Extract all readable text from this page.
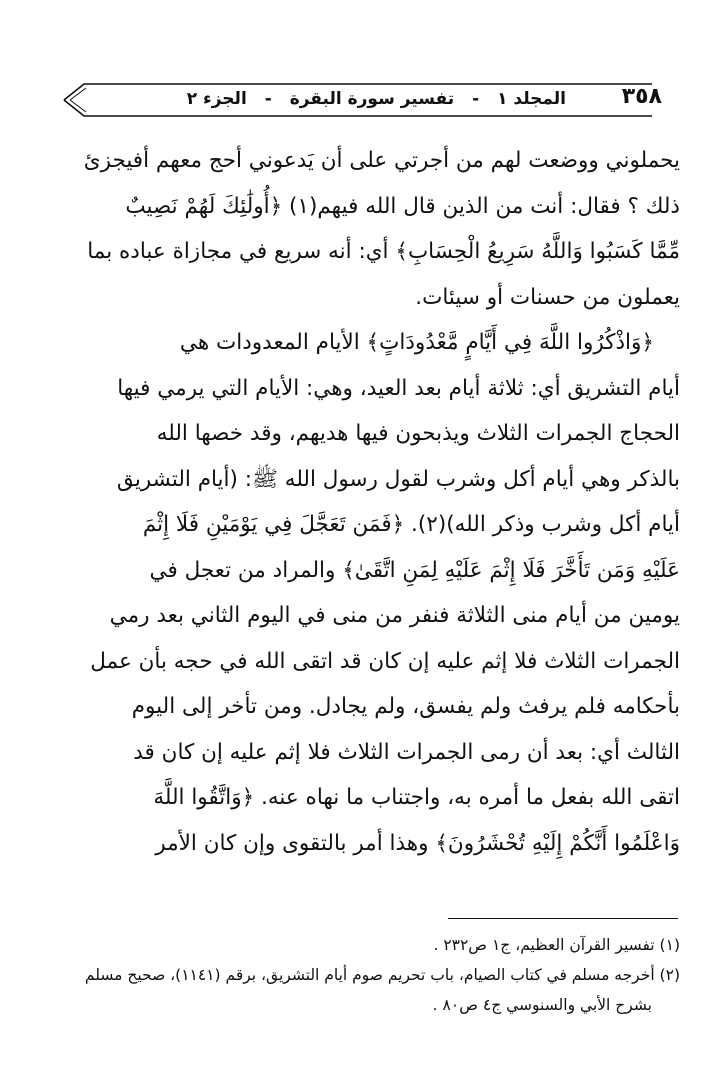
المجلد ١ - تفسير سورة البقرة - الجزء ٢	٣٥٨
يحملوني ووضعت لهم من أجرتي على أن يَدعوني أحج معهم أفيجزئ
ذلك ؟ فقال: أنت من الذين قال الله فيهم(١) ﴿أُولَٰئِكَ لَهُمْ نَصِيبٌ
مِّمَّا كَسَبُوا وَاللَّهُ سَرِيعُ الْحِسَابِ﴾ أي: أنه سريع في مجازاة عباده بما
يعملون من حسنات أو سيئات.
﴿وَاذْكُرُوا اللَّهَ فِي أَيَّامٍ مَّعْدُودَاتٍ﴾ الأيام المعدودات هي
أيام التشريق أي: ثلاثة أيام بعد العيد، وهي: الأيام التي يرمي فيها
الحجاج الجمرات الثلاث ويذبحون فيها هديهم، وقد خصها الله
بالذكر وهي أيام أكل وشرب لقول رسول الله ﷺ: (أيام التشريق
أيام أكل وشرب وذكر الله)(٢). ﴿فَمَن تَعَجَّلَ فِي يَوْمَيْنِ فَلَا إِثْمَ
عَلَيْهِ وَمَن تَأَخَّرَ فَلَا إِثْمَ عَلَيْهِ لِمَنِ اتَّقَىٰ﴾ والمراد من تعجل في
يومين من أيام منى الثلاثة فنفر من منى في اليوم الثاني بعد رمي
الجمرات الثلاث فلا إثم عليه إن كان قد اتقى الله في حجه بأن عمل
بأحكامه فلم يرفث ولم يفسق، ولم يجادل. ومن تأخر إلى اليوم
الثالث أي: بعد أن رمى الجمرات الثلاث فلا إثم عليه إن كان قد
اتقى الله بفعل ما أمره به، واجتناب ما نهاه عنه. ﴿وَاتَّقُوا اللَّهَ
وَاعْلَمُوا أَنَّكُمْ إِلَيْهِ تُحْشَرُونَ﴾ وهذا أمر بالتقوى وإن كان الأمر
(١) تفسير القرآن العظيم، ج١ ص٢٣٢ .
(٢) أخرجه مسلم في كتاب الصيام، باب تحريم صوم أيام التشريق، برقم (١١٤١)، صحيح مسلم
بشرح الأبي والسنوسي ج٤ ص٨٠ .
